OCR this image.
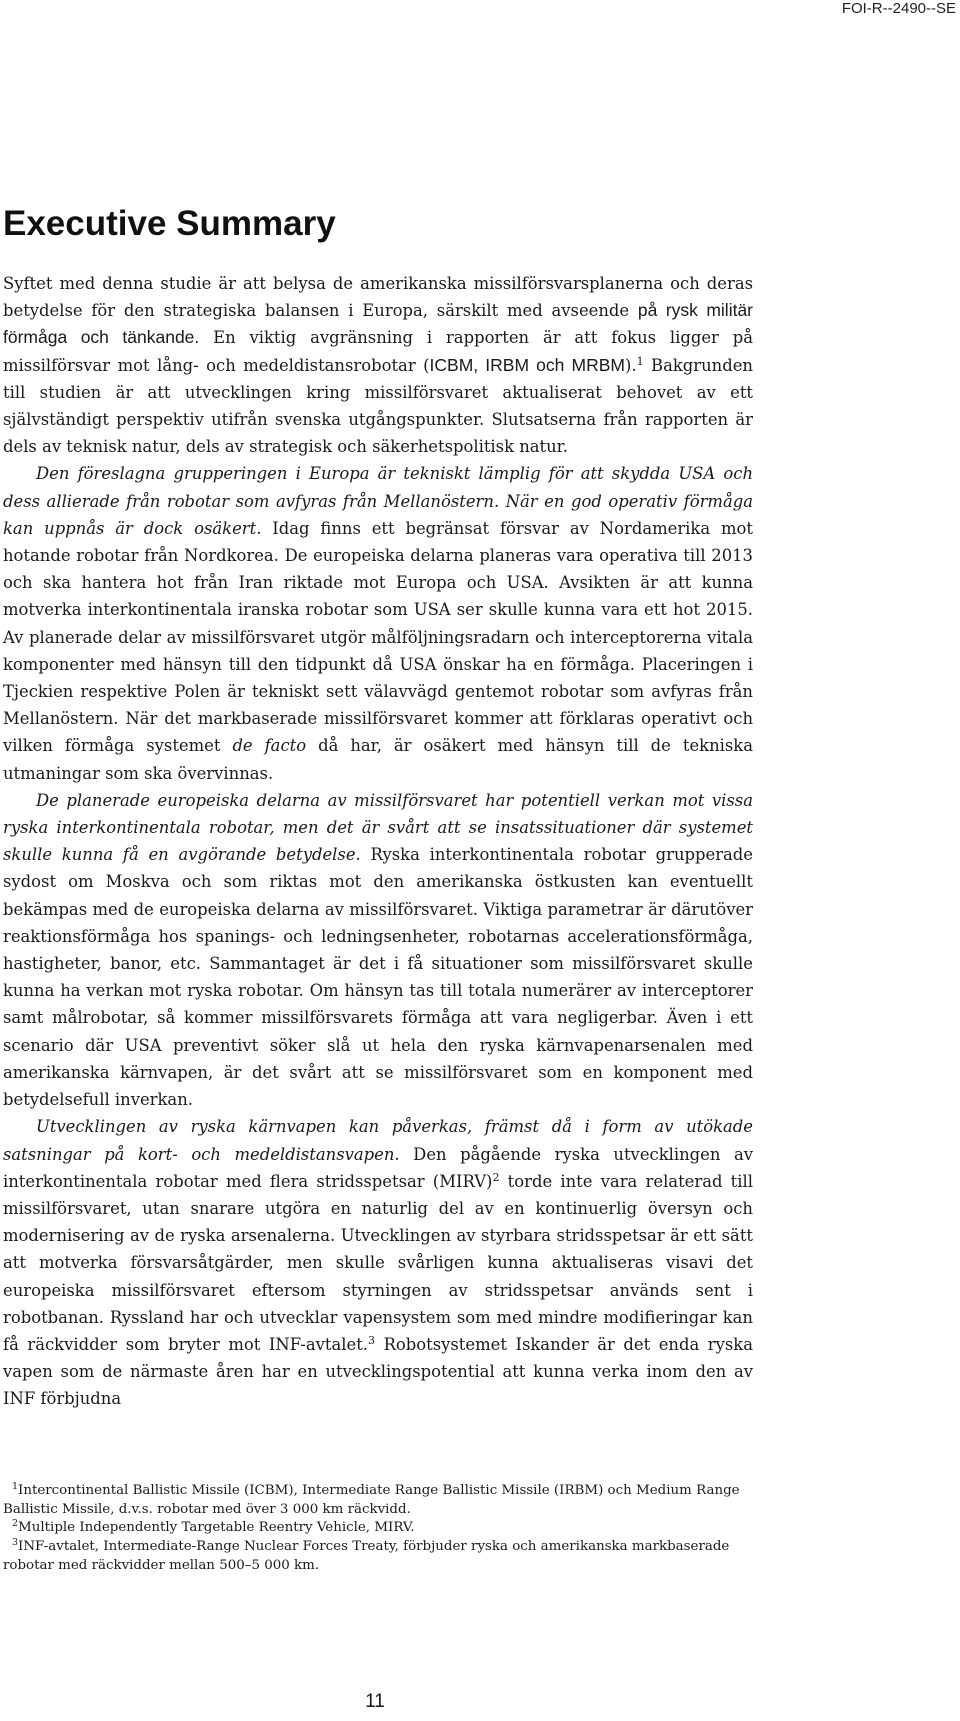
FOI-R--2490--SE
Executive Summary

Syftet med denna studie är att belysa de amerikanska missilförsvarsplanerna och deras betydelse för den strategiska balansen i Europa, särskilt med avseende på rysk militär förmåga och tänkande. En viktig avgränsning i rapporten är att fokus ligger på missilförsvar mot lång- och medeldistansrobotar (ICBM, IRBM och MRBM).$^1$ Bakgrunden till studien är att utvecklingen kring missilförsvaret aktualiserat behovet av ett självständigt perspektiv utifrån svenska utgångspunkter. Slutsatserna från rapporten är dels av teknisk natur, dels av strategisk och säkerhetspolitisk natur.

Den föreslagna grupperingen i Europa är tekniskt lämplig för att skydda USA och dess allierade från robotar som avfyras från Mellanöstern. När en god operativ förmåga kan uppnås är dock osäkert. Idag finns ett begränsat försvar av Nordamerika mot hotande robotar från Nordkorea. De europeiska delarna planeras vara operativa till 2013 och ska hantera hot från Iran riktade mot Europa och USA. Avsikten är att kunna motverka interkontinentala iranska robotar som USA ser skulle kunna vara ett hot 2015. Av planerade delar av missilförsvaret utgör målföljningsradarn och interceptorerna vitala komponenter med hänsyn till den tidpunkt då USA önskar ha en förmåga. Placeringen i Tjeckien respektive Polen är tekniskt sett välavvägd gentemot robotar som avfyras från Mellanöstern. När det markbaserade missilförsvaret kommer att förklaras operativt och vilken förmåga systemet de facto då har, är osäkert med hänsyn till de tekniska utmaningar som ska övervinnas.

De planerade europeiska delarna av missilförsvaret har potentiell verkan mot vissa ryska interkontinentala robotar, men det är svårt att se insatssituationer där systemet skulle kunna få en avgörande betydelse. Ryska interkontinentala robotar grupperade sydost om Moskva och som riktas mot den amerikanska östkusten kan eventuellt bekämpas med de europeiska delarna av missilförsvaret. Viktiga parametrar är därutöver reaktionsförmåga hos spanings- och ledningsenheter, robotarnas accelerationsförmåga, hastigheter, banor, etc. Sammantaget är det i få situationer som missilförsvaret skulle kunna ha verkan mot ryska robotar. Om hänsyn tas till totala numerärer av interceptorer samt målrobotar, så kommer missilförsvarets förmåga att vara negligerbar. Även i ett scenario där USA preventivt söker slå ut hela den ryska kärnvapenarsenalen med amerikanska kärnvapen, är det svårt att se missilförsvaret som en komponent med betydelsefull inverkan.

Utvecklingen av ryska kärnvapen kan påverkas, främst då i form av utökade satsningar på kort- och medeldistansvapen. Den pågående ryska utvecklingen av interkontinentala robotar med flera stridsspetsar (MIRV)$^2$ torde inte vara relaterad till missilförsvaret, utan snarare utgöra en naturlig del av en kontinuerlig översyn och modernisering av de ryska arsenalerna. Utvecklingen av styrbara stridsspetsar är ett sätt att motverka försvarsåtgärder, men skulle svårligen kunna aktualiseras visavi det europeiska missilförsvaret eftersom styrningen av stridsspetsar används sent i robotbanan. Ryssland har och utvecklar vapensystem som med mindre modifieringar kan få räckvidder som bryter mot INF-avtalet.$^3$ Robotsystemet Iskander är det enda ryska vapen som de närmaste åren har en utvecklingspotential att kunna verka inom den av INF förbjudna

$^1$Intercontinental Ballistic Missile (ICBM), Intermediate Range Ballistic Missile (IRBM) och Medium Range Ballistic Missile, d.v.s. robotar med över 3 000 km räckvidd.

$^2$Multiple Independently Targetable Reentry Vehicle, MIRV.

$^3$INF-avtalet, Intermediate-Range Nuclear Forces Treaty, förbjuder ryska och amerikanska markbaserade robotar med räckvidder mellan 500–5 000 km.

11
